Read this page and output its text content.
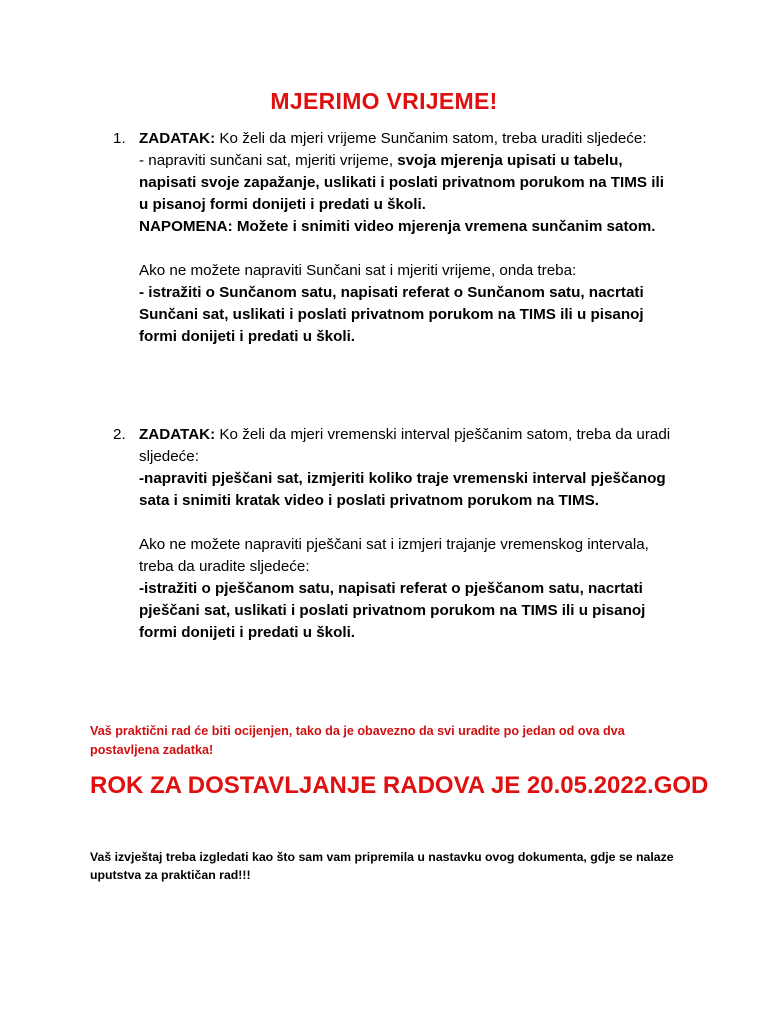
MJERIMO VRIJEME!
1. ZADATAK: Ko želi da mjeri vrijeme Sunčanim satom, treba uraditi sljedeće:

- napraviti sunčani sat, mjeriti vrijeme, svoja mjerenja upisati u tabelu, napisati svoje zapažanje, uslikati i poslati privatnom porukom na TIMS ili u pisanoj formi donijeti i predati u školi.

NAPOMENA: Možete i snimiti video mjerenja vremena sunčanim satom.

Ako ne možete napraviti Sunčani sat i mjeriti vrijeme, onda treba:

- istražiti o Sunčanom satu, napisati referat o Sunčanom satu, nacrtati Sunčani sat, uslikati i poslati privatnom porukom na TIMS ili u pisanoj formi donijeti i predati u školi.

2. ZADATAK: Ko želi da mjeri vremenski interval pješčanim satom, treba da uradi sljedeće:

-napraviti pješčani sat, izmjeriti koliko traje vremenski interval pješčanog sata i snimiti kratak video i poslati privatnom porukom na TIMS.

Ako ne možete napraviti pješčani sat i izmjeri trajanje vremenskog intervala, treba da uradite sljedeće:

-istražiti o pješčanom satu, napisati referat o pješčanom satu, nacrtati pješčani sat, uslikati i poslati privatnom porukom na TIMS ili u pisanoj formi donijeti i predati u školi.

Vaš praktični rad će biti ocijenjen, tako da je obavezno da svi uradite po jedan od ova dva postavljena zadatka!
ROK ZA DOSTAVLJANJE RADOVA JE 20.05.2022.GOD
Vaš izvještaj treba izgledati kao što sam vam pripremila u nastavku ovog dokumenta, gdje se nalaze uputstva za praktičan rad!!!
